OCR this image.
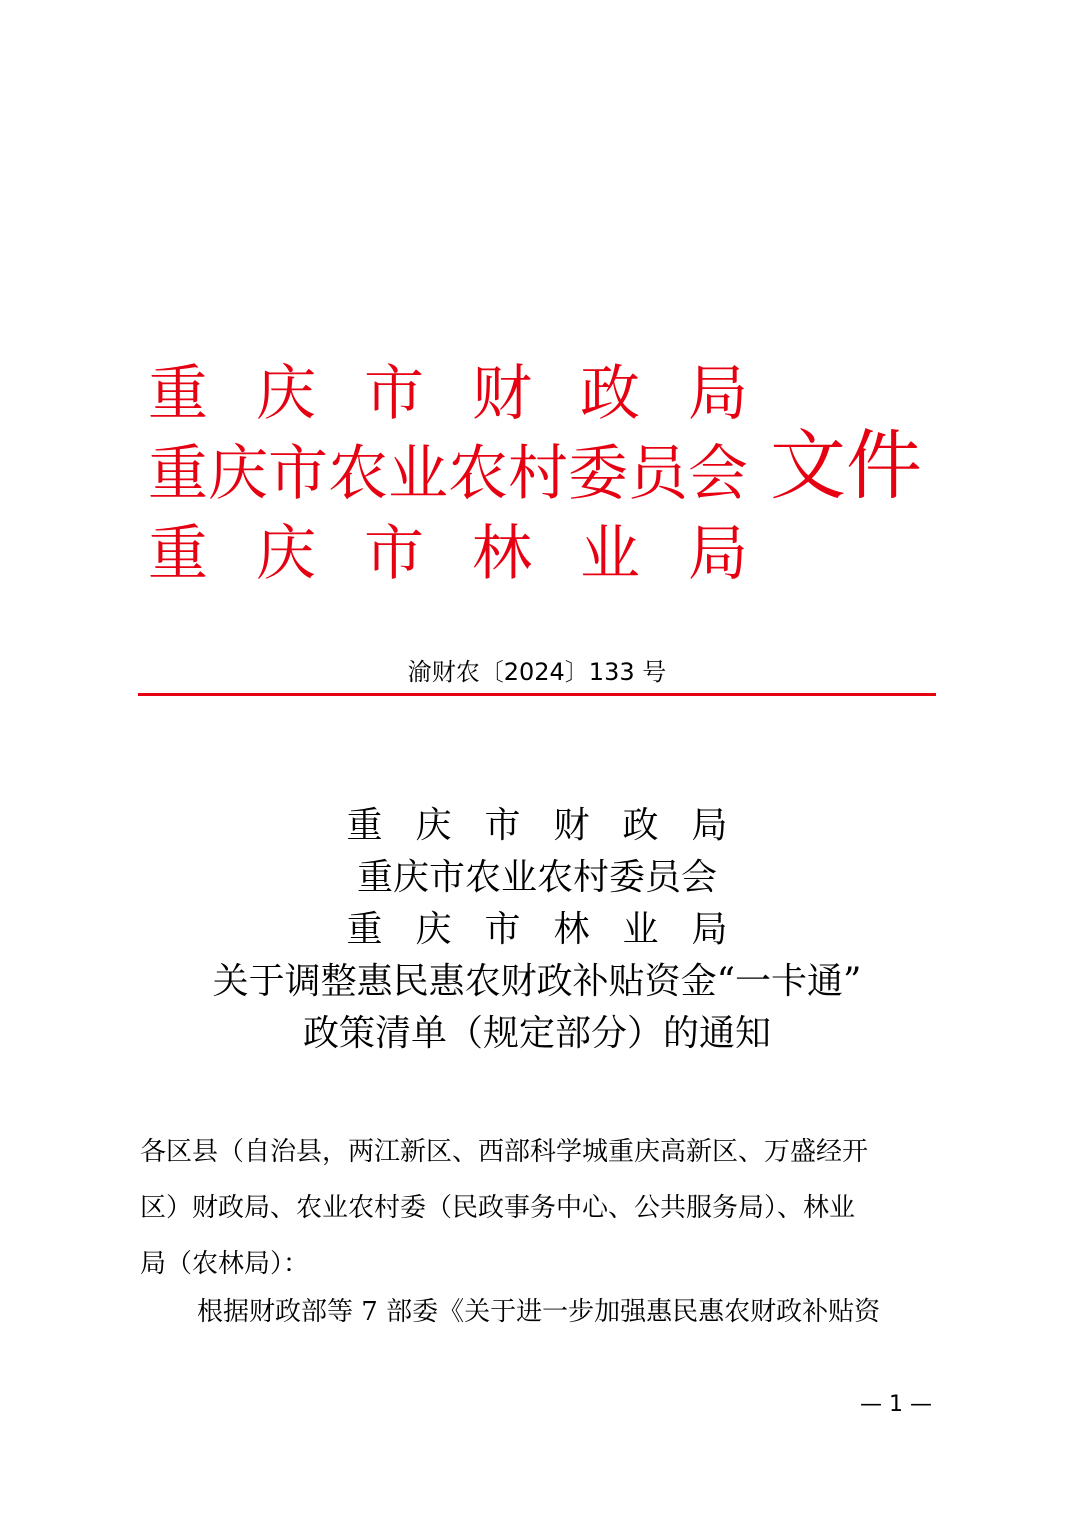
重庆市财政局
重庆市农业农村委员会
重庆市林业局
文件
渝财农〔2024〕133 号
重庆市财政局
重庆市农业农村委员会
重庆市林业局
关于调整惠民惠农财政补贴资金“一卡通”
政策清单（规定部分）的通知
各区县（自治县，两江新区、西部科学城重庆高新区、万盛经开
区）财政局、农业农村委（民政事务中心、公共服务局）、林业
局（农林局）：
根据财政部等 7 部委《关于进一步加强惠民惠农财政补贴资
— 1 —
